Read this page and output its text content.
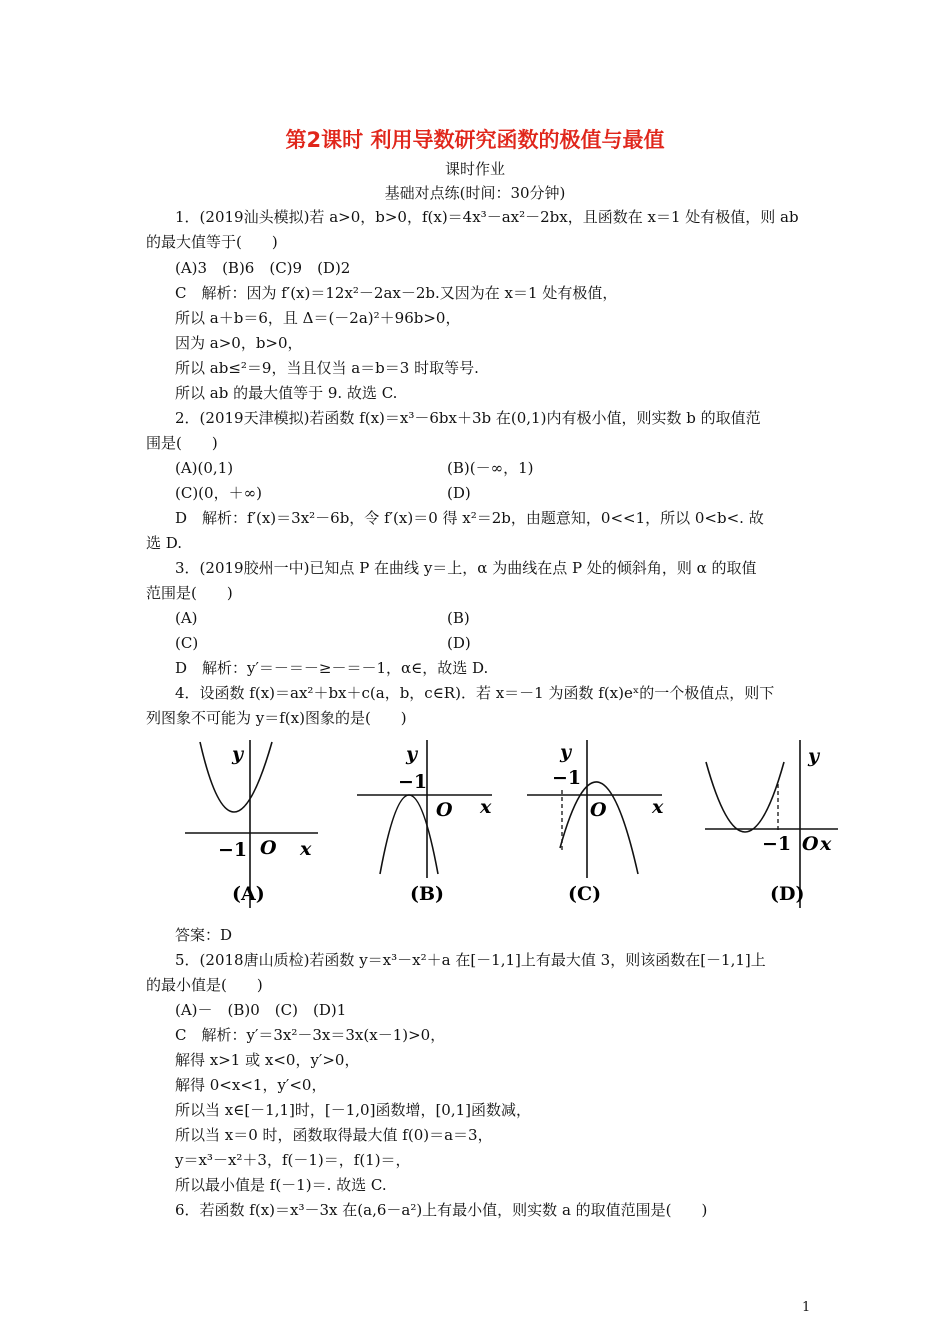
第2课时 利用导数研究函数的极值与最值
课时作业
基础对点练(时间：30分钟)
1．(2019汕头模拟)若 a>0，b>0，f(x)＝4x³－ax²－2bx，且函数在 x＝1 处有极值，则 ab
的最大值等于(　　)
(A)3　(B)6　(C)9　(D)2
C　解析：因为 f′(x)＝12x²－2ax－2b.又因为在 x＝1 处有极值，
所以 a＋b＝6，且 Δ＝(－2a)²＋96b>0，
因为 a>0，b>0，
所以 ab≤²＝9，当且仅当 a＝b＝3 时取等号.
所以 ab 的最大值等于 9. 故选 C.
2．(2019天津模拟)若函数 f(x)＝x³－6bx＋3b 在(0,1)内有极小值，则实数 b 的取值范
围是(　　)
(A)(0,1)	(B)(－∞，1)
(C)(0，＋∞)	(D)
D　解析：f′(x)＝3x²－6b，令 f′(x)＝0 得 x²＝2b，由题意知，0<<1，所以 0<b<. 故
选 D.
3．(2019胶州一中)已知点 P 在曲线 y＝上，α 为曲线在点 P 处的倾斜角，则 α 的取值
范围是(　　)
(A)	(B)
(C)	(D)
D　解析：y′＝－＝－≥－＝－1，α∈，故选 D.
4．设函数 f(x)＝ax²＋bx＋c(a，b，c∈R)．若 x＝－1 为函数 f(x)eˣ的一个极值点，则下
列图象不可能为 y＝f(x)图象的是(　　)
y
x
O
−1
(A)
y
x
O
−1
(B)
y
x
O
−1
(C)
y
x
O
−1
(D)
答案：D
5．(2018唐山质检)若函数 y＝x³－x²＋a 在[－1,1]上有最大值 3，则该函数在[－1,1]上
的最小值是(　　)
(A)－　(B)0　(C)　(D)1
C　解析：y′＝3x²－3x＝3x(x－1)>0，
解得 x>1 或 x<0，y′>0，
解得 0<x<1，y′<0，
所以当 x∈[－1,1]时，[－1,0]函数增，[0,1]函数减，
所以当 x＝0 时，函数取得最大值 f(0)＝a＝3，
y＝x³－x²＋3，f(－1)＝，f(1)＝，
所以最小值是 f(－1)＝. 故选 C.
6．若函数 f(x)＝x³－3x 在(a,6－a²)上有最小值，则实数 a 的取值范围是(　　)
1
